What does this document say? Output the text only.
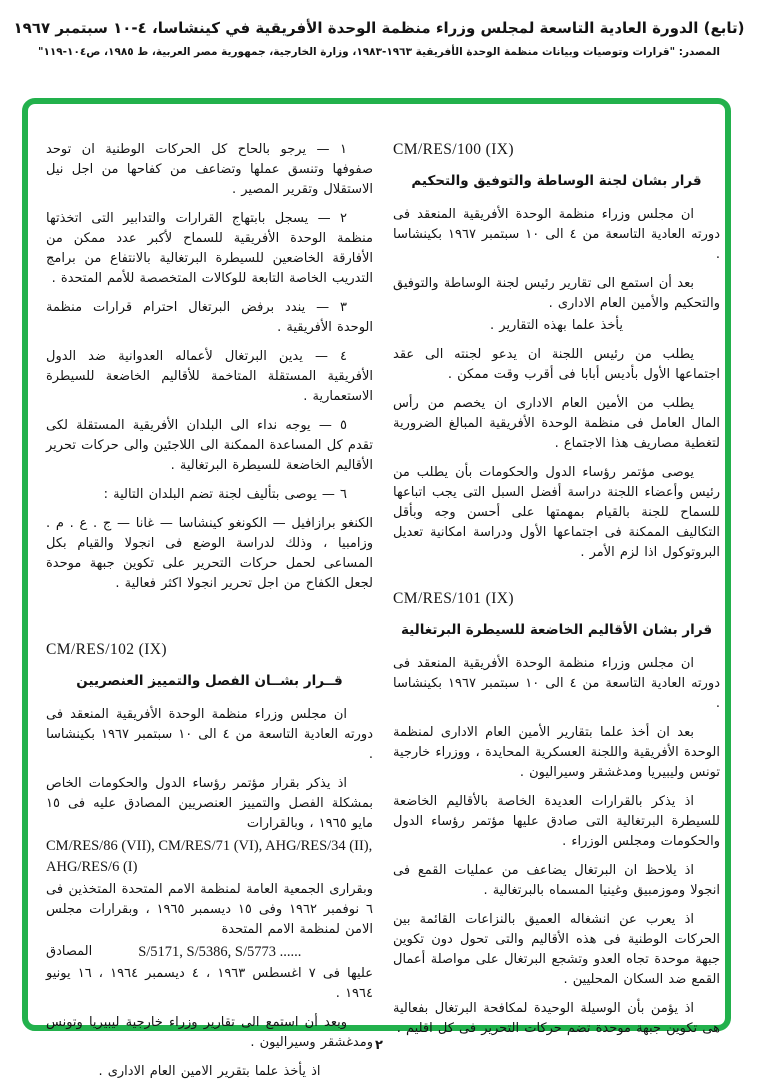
(تابع) الدورة العادية التاسعة لمجلس وزراء منظمة الوحدة الأفريقية في كينشاسا، ٤-١٠ سبتمبر ١٩٦٧
المصدر: "قرارات وتوصيات وبيانات منظمة الوحدة الأفريقية ١٩٦٣-١٩٨٣، وزارة الخارجية، جمهورية مصر العربية، ط ١٩٨٥، ص١٠٤-١١٩"
CM/RES/100 (IX)
قرار بشان لجنة الوساطة والتوفيق والتحكيم

ان مجلس وزراء منظمة الوحدة الأفريقية المنعقد فى دورته العادية التاسعة من ٤ الى ١٠ سبتمبر ١٩٦٧ بكينشاسا .

بعد أن استمع الى تقارير رئيس لجنة الوساطة والتوفيق والتحكيم والأمين العام الادارى .

يأخذ علما بهذه التقارير .

يطلب من رئيس اللجنة ان يدعو لجنته الى عقد اجتماعها الأول بأديس أبابا فى أقرب وقت ممكن .

يطلب من الأمين العام الادارى ان يخصم من رأس المال العامل فى منظمة الوحدة الأفريقية المبالغ الضرورية لتغطية مصاريف هذا الاجتماع .

يوصى مؤتمر رؤساء الدول والحكومات بأن يطلب من رئيس وأعضاء اللجنة دراسة أفضل السبل التى يجب اتباعها للسماح للجنة بالقيام بمهمتها على أحسن وجه وبأقل التكاليف الممكنة فى اجتماعها الأول ودراسة امكانية تعديل البروتوكول اذا لزم الأمر .

CM/RES/101 (IX)
قرار بشان الأقاليم الخاضعة للسيطرة البرتغالية

ان مجلس وزراء منظمة الوحدة الأفريقية المنعقد فى دورته العادية التاسعة من ٤ الى ١٠ سبتمبر ١٩٦٧ بكينشاسا .

بعد ان أخذ علما بتقارير الأمين العام الادارى لمنظمة الوحدة الأفريقية واللجنة العسكرية المحايدة ، ووزراء خارجية تونس وليبيريا ومدغشقر وسيراليون .

اذ يذكر بالقرارات العديدة الخاصة بالأقاليم الخاضعة للسيطرة البرتغالية التى صادق عليها مؤتمر رؤساء الدول والحكومات ومجلس الوزراء .

اذ يلاحظ ان البرتغال يضاعف من عمليات القمع فى انجولا وموزمبيق وغينيا المسماه بالبرتغالية .

اذ يعرب عن انشغاله العميق بالنزاعات القائمة بين الحركات الوطنية فى هذه الأقاليم والتى تحول دون تكوين جبهة موحدة تجاه العدو وتشجع البرتغال على مواصلة أعمال القمع ضد السكان المحليين .

اذ يؤمن بأن الوسيلة الوحيدة لمكافحة البرتغال بفعالية هى تكوين جبهة موحدة تضم حركات التحرير فى كل اقليم .

١ — يرجو بالحاح كل الحركات الوطنية ان توحد صفوفها وتنسق عملها وتضاعف من كفاحها من اجل نيل الاستقلال وتقرير المصير .

٢ — يسجل بابتهاج القرارات والتدابير التى اتخذتها منظمة الوحدة الأفريقية للسماح لأكبر عدد ممكن من الأفارقة الخاضعين للسيطرة البرتغالية بالانتفاع من برامج التدريب الخاصة التابعة للوكالات المتخصصة للأمم المتحدة .

٣ — يندد برفض البرتغال احترام قرارات منظمة الوحدة الأفريقية .

٤ — يدين البرتغال لأعماله العدوانية ضد الدول الأفريقية المستقلة المتاخمة للأقاليم الخاضعة للسيطرة الاستعمارية .

٥ — يوجه نداء الى البلدان الأفريقية المستقلة لكى تقدم كل المساعدة الممكنة الى اللاجئين والى حركات تحرير الأقاليم الخاضعة للسيطرة البرتغالية .

٦ — يوصى بتأليف لجنة تضم البلدان التالية :

الكنغو برازافيل — الكونغو كينشاسا — غانا — ج . ع . م . وزامبيا ، وذلك لدراسة الوضع فى انجولا والقيام بكل المساعى لحمل حركات التحرير على تكوين جبهة موحدة لجعل الكفاح من اجل تحرير انجولا اكثر فعالية .

CM/RES/102 (IX)
قــرار بشــان الفصل والتمييز العنصريين

ان مجلس وزراء منظمة الوحدة الأفريقية المنعقد فى دورته العادية التاسعة من ٤ الى ١٠ سبتمبر ١٩٦٧ بكينشاسا .

اذ يذكر بقرار مؤتمر رؤساء الدول والحكومات الخاص بمشكلة الفصل والتمييز العنصريين المصادق عليه فى ١٥ مايو ١٩٦٥ ، وبالقرارات

CM/RES/86 (VII), CM/RES/71 (VI), AHG/RES/34 (II), AHG/RES/6 (I)

وبقرارى الجمعية العامة لمنظمة الامم المتحدة المتخذين فى ٦ نوفمبر ١٩٦٢ وفى ١٥ ديسمبر ١٩٦٥ ، وبقرارات مجلس الامن لمنظمة الامم المتحدة

المصادق	S/5171, S/5386, S/5773 ......

عليها فى ٧ اغسطس ١٩٦٣ ، ٤ ديسمبر ١٩٦٤ ، ١٦ يونيو ١٩٦٤ .

وبعد أن استمع الى تقارير وزراء خارجية ليبيريا وتونس ومدغشقر وسيراليون .

اذ يأخذ علما بتقرير الامين العام الادارى .

٢
